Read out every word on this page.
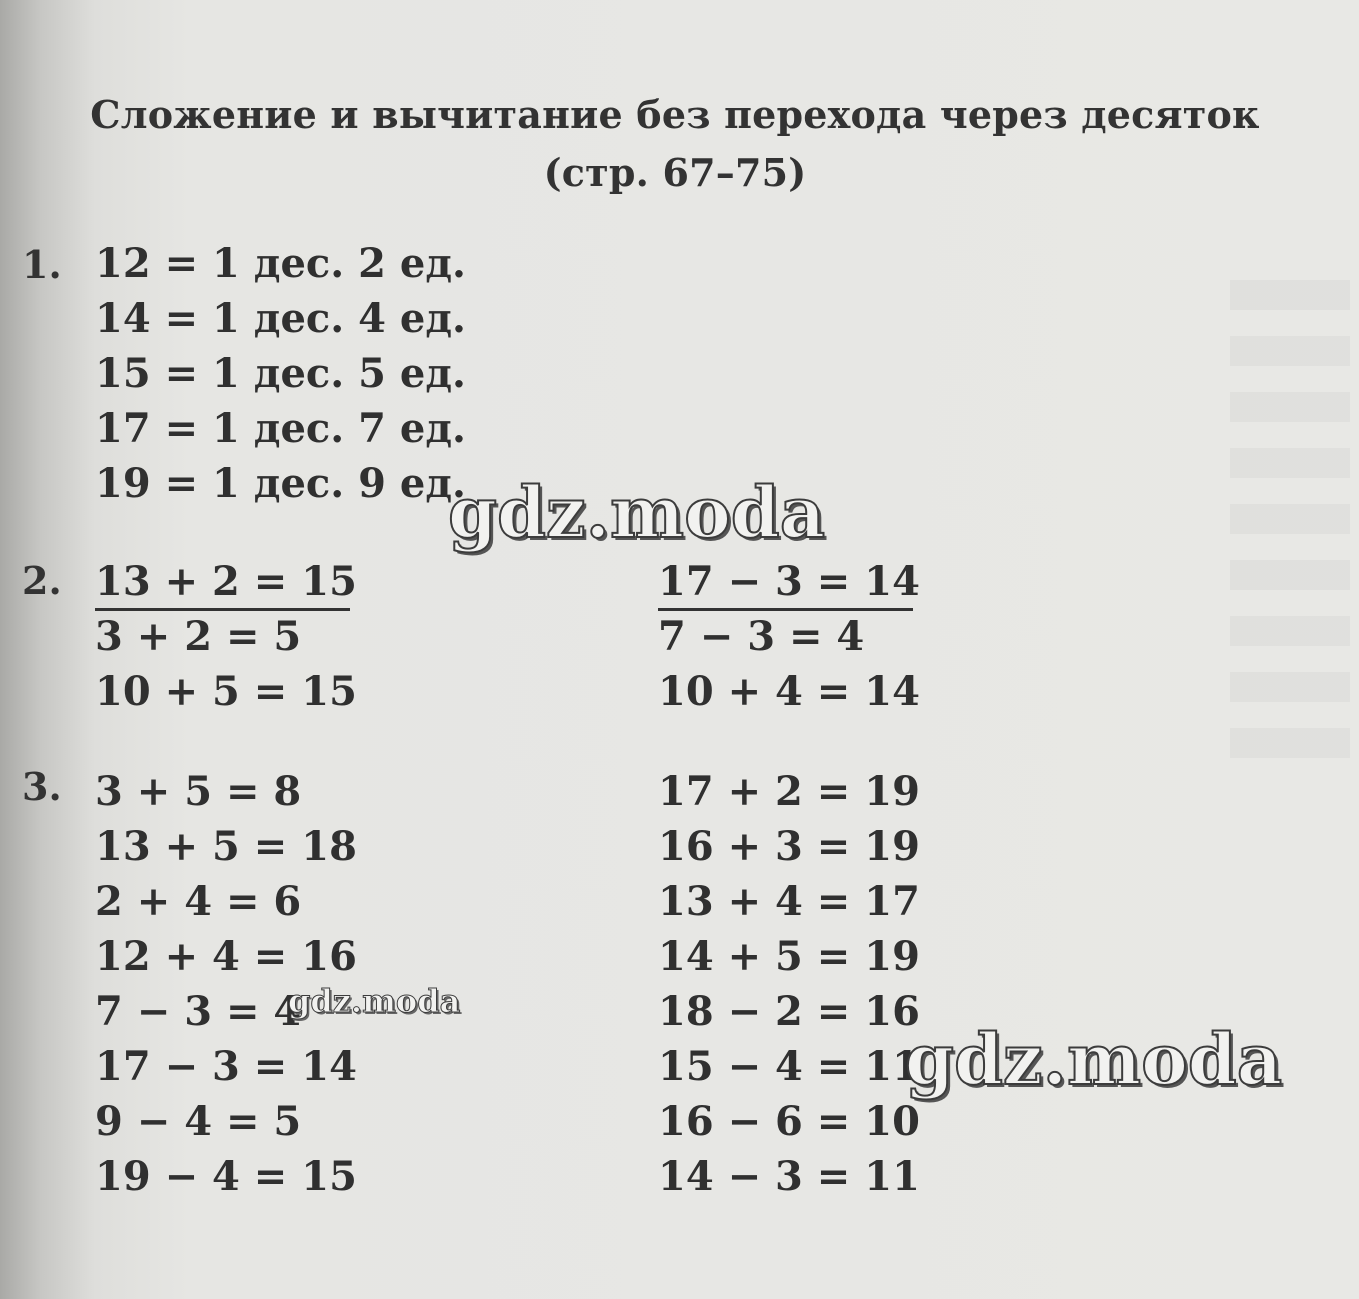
Сложение и вычитание без перехода через десяток
(стр. 67–75)
1. 12 = 1 дес. 2 ед.
14 = 1 дес. 4 ед.
15 = 1 дес. 5 ед.
17 = 1 дес. 7 ед.
19 = 1 дес. 9 ед.
2. 13 + 2 = 15
3 + 2 = 5
10 + 5 = 15
17 − 3 = 14
7 − 3 = 4
10 + 4 = 14
3. 3 + 5 = 8
13 + 5 = 18
2 + 4 = 6
12 + 4 = 16
7 − 3 = 4
17 − 3 = 14
9 − 4 = 5
19 − 4 = 15
17 + 2 = 19
16 + 3 = 19
13 + 4 = 17
14 + 5 = 19
18 − 2 = 16
15 − 4 = 11
16 − 6 = 10
14 − 3 = 11
gdz.moda
gdz.moda
gdz.moda
